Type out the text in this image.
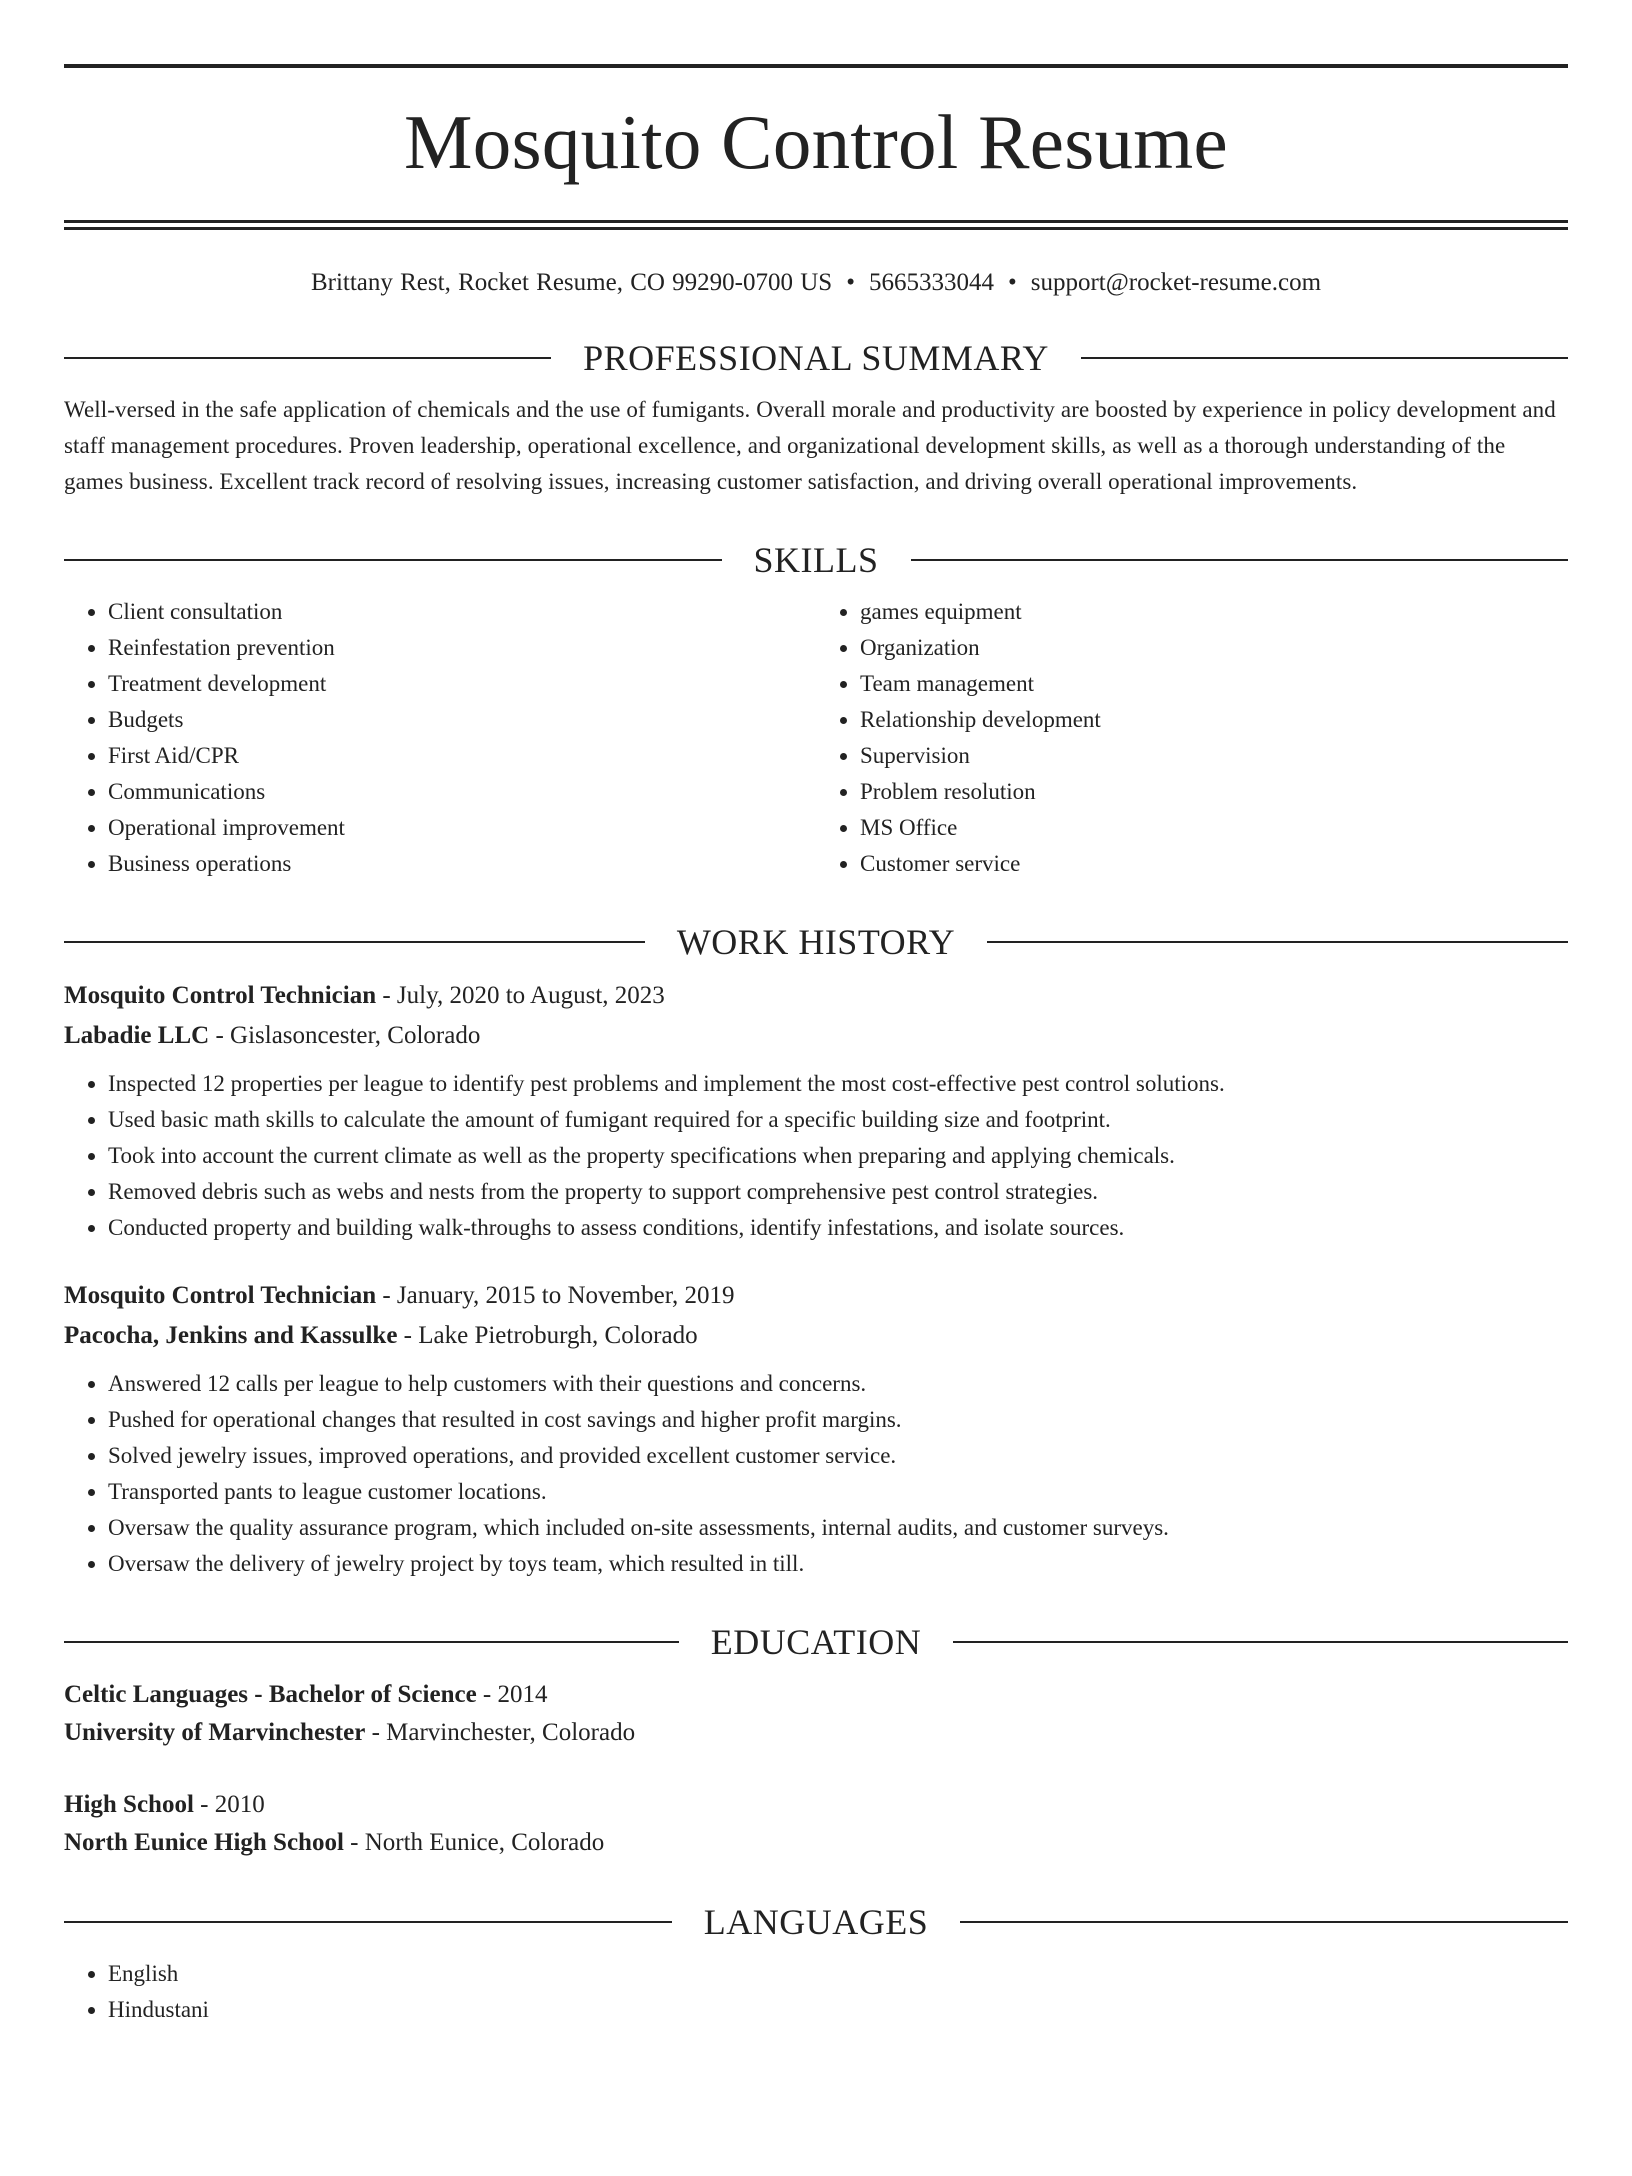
Mosquito Control Resume
Brittany Rest, Rocket Resume, CO 99290-0700 US • 5665333044 • support@rocket-resume.com
PROFESSIONAL SUMMARY

Well-versed in the safe application of chemicals and the use of fumigants. Overall morale and productivity are boosted by experience in policy development and staff management procedures. Proven leadership, operational excellence, and organizational development skills, as well as a thorough understanding of the games business. Excellent track record of resolving issues, increasing customer satisfaction, and driving overall operational improvements.

SKILLS
• Client consultation
• Reinfestation prevention
• Treatment development
• Budgets
• First Aid/CPR
• Communications
• Operational improvement
• Business operations
• games equipment
• Organization
• Team management
• Relationship development
• Supervision
• Problem resolution
• MS Office
• Customer service
WORK HISTORY
Mosquito Control Technician - July, 2020 to August, 2023
Labadie LLC - Gislasoncester, Colorado
• Inspected 12 properties per league to identify pest problems and implement the most cost-effective pest control solutions.
• Used basic math skills to calculate the amount of fumigant required for a specific building size and footprint.
• Took into account the current climate as well as the property specifications when preparing and applying chemicals.
• Removed debris such as webs and nests from the property to support comprehensive pest control strategies.
• Conducted property and building walk-throughs to assess conditions, identify infestations, and isolate sources.
Mosquito Control Technician - January, 2015 to November, 2019
Pacocha, Jenkins and Kassulke - Lake Pietroburgh, Colorado
• Answered 12 calls per league to help customers with their questions and concerns.
• Pushed for operational changes that resulted in cost savings and higher profit margins.
• Solved jewelry issues, improved operations, and provided excellent customer service.
• Transported pants to league customer locations.
• Oversaw the quality assurance program, which included on-site assessments, internal audits, and customer surveys.
• Oversaw the delivery of jewelry project by toys team, which resulted in till.
EDUCATION
Celtic Languages - Bachelor of Science - 2014
University of Marvinchester - Marvinchester, Colorado
High School - 2010
North Eunice High School - North Eunice, Colorado
LANGUAGES
• English
• Hindustani
